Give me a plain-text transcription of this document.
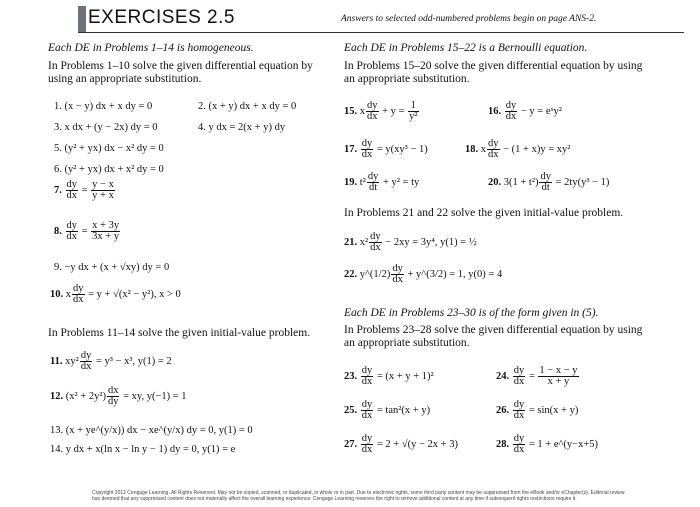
EXERCISES 2.5	Answers to selected odd-numbered problems begin on page ANS-2.
Each DE in Problems 1–14 is homogeneous.
In Problems 1–10 solve the given differential equation by using an appropriate substitution.
1. (x − y) dx + x dy = 0	2. (x + y) dx + x dy = 0
3. x dx + (y − 2x) dy = 0	4. y dx = 2(x + y) dy
5. (y² + yx) dx − x² dy = 0
6. (y² + yx) dx + x² dy = 0
7. $\frac{dy}{dx} = \frac{y - x}{y + x}$
8. $\frac{dy}{dx} = \frac{x + 3y}{3x + y}$
9. −y dx + (x + √xy) dy = 0
10. x $\frac{dy}{dx} = y + √(x^2 - y^2)$, x > 0
In Problems 11–14 solve the given initial-value problem.
11. $xy^2 \frac{dy}{dx} = y^3 - x^3$, y(1) = 2
12. $(x^2 + 2y^2) \frac{dx}{dy}$ = xy, y(−1) = 1
13. (x + ye^(y/x)) dx − xe^(y/x) dy = 0, y(1) = 0
14. y dx + x(ln x − ln y − 1) dy = 0, y(1) = e
Each DE in Problems 15–22 is a Bernoulli equation.
In Problems 15–20 solve the given differential equation by using an appropriate substitution.
15. x $\frac{dy}{dx} + y = \frac{1}{\text{y²}}$	16. $\frac{dy}{dx} - y$ = eˣy²
17. $\frac{dy}{dx} = y(xy^3 - 1)$	18. x $\frac{dy}{dx} - (1 + x)y = xy^2$
19. $t^2 \frac{dy}{dt} + y^2$ = ty	20. $3(1 + t^2) \frac{dy}{dt} = 2ty(y^3 - 1)$
In Problems 21 and 22 solve the given initial-value problem.
21. $x^2 \frac{dy}{dx} - 2xy = 3y^4$, y(1) = ½
22. y^(1/2) $\frac{dy}{dx}$ + y^(3/2) = 1, y(0) = 4
Each DE in Problems 23–30 is of the form given in (5).
In Problems 23–28 solve the given differential equation by using an appropriate substitution.
23. $\frac{dy}{dx} = (x + y + 1)^2$	24. $\frac{dy}{dx} = \frac{1 - x - y}{x + y}$
25. $\frac{dy}{dx} = \tan^2(x + y)$	26. $\frac{dy}{dx} = \sin(x + y)$
27. $\frac{dy}{dx} = 2 + √(y - 2x + 3)$	28. $\frac{dy}{dx} = 1$ + e^(y−x+5)
Copyright 2012 Cengage Learning. All Rights Reserved. May not be copied, scanned, or duplicated, in whole or in part. Due to electronic rights, some third party content may be suppressed from the eBook and/or eChapter(s). Editorial review has deemed that any suppressed content does not materially affect the overall learning experience. Cengage Learning reserves the right to remove additional content at any time if subsequent rights restrictions require it.
